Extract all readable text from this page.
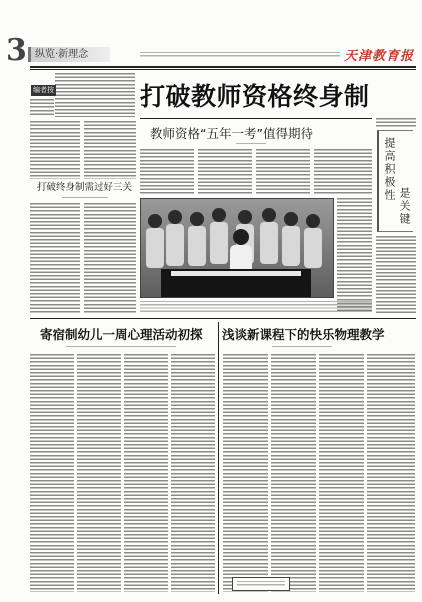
3 纵览·新理念	天津教育报
编者按	打破教师资格终身制
打破终身制需过好三关
教师资格“五年一考”值得期待
提高积极性
是关键
寄宿制幼儿一周心理活动初探 浅谈新课程下的快乐物理教学
